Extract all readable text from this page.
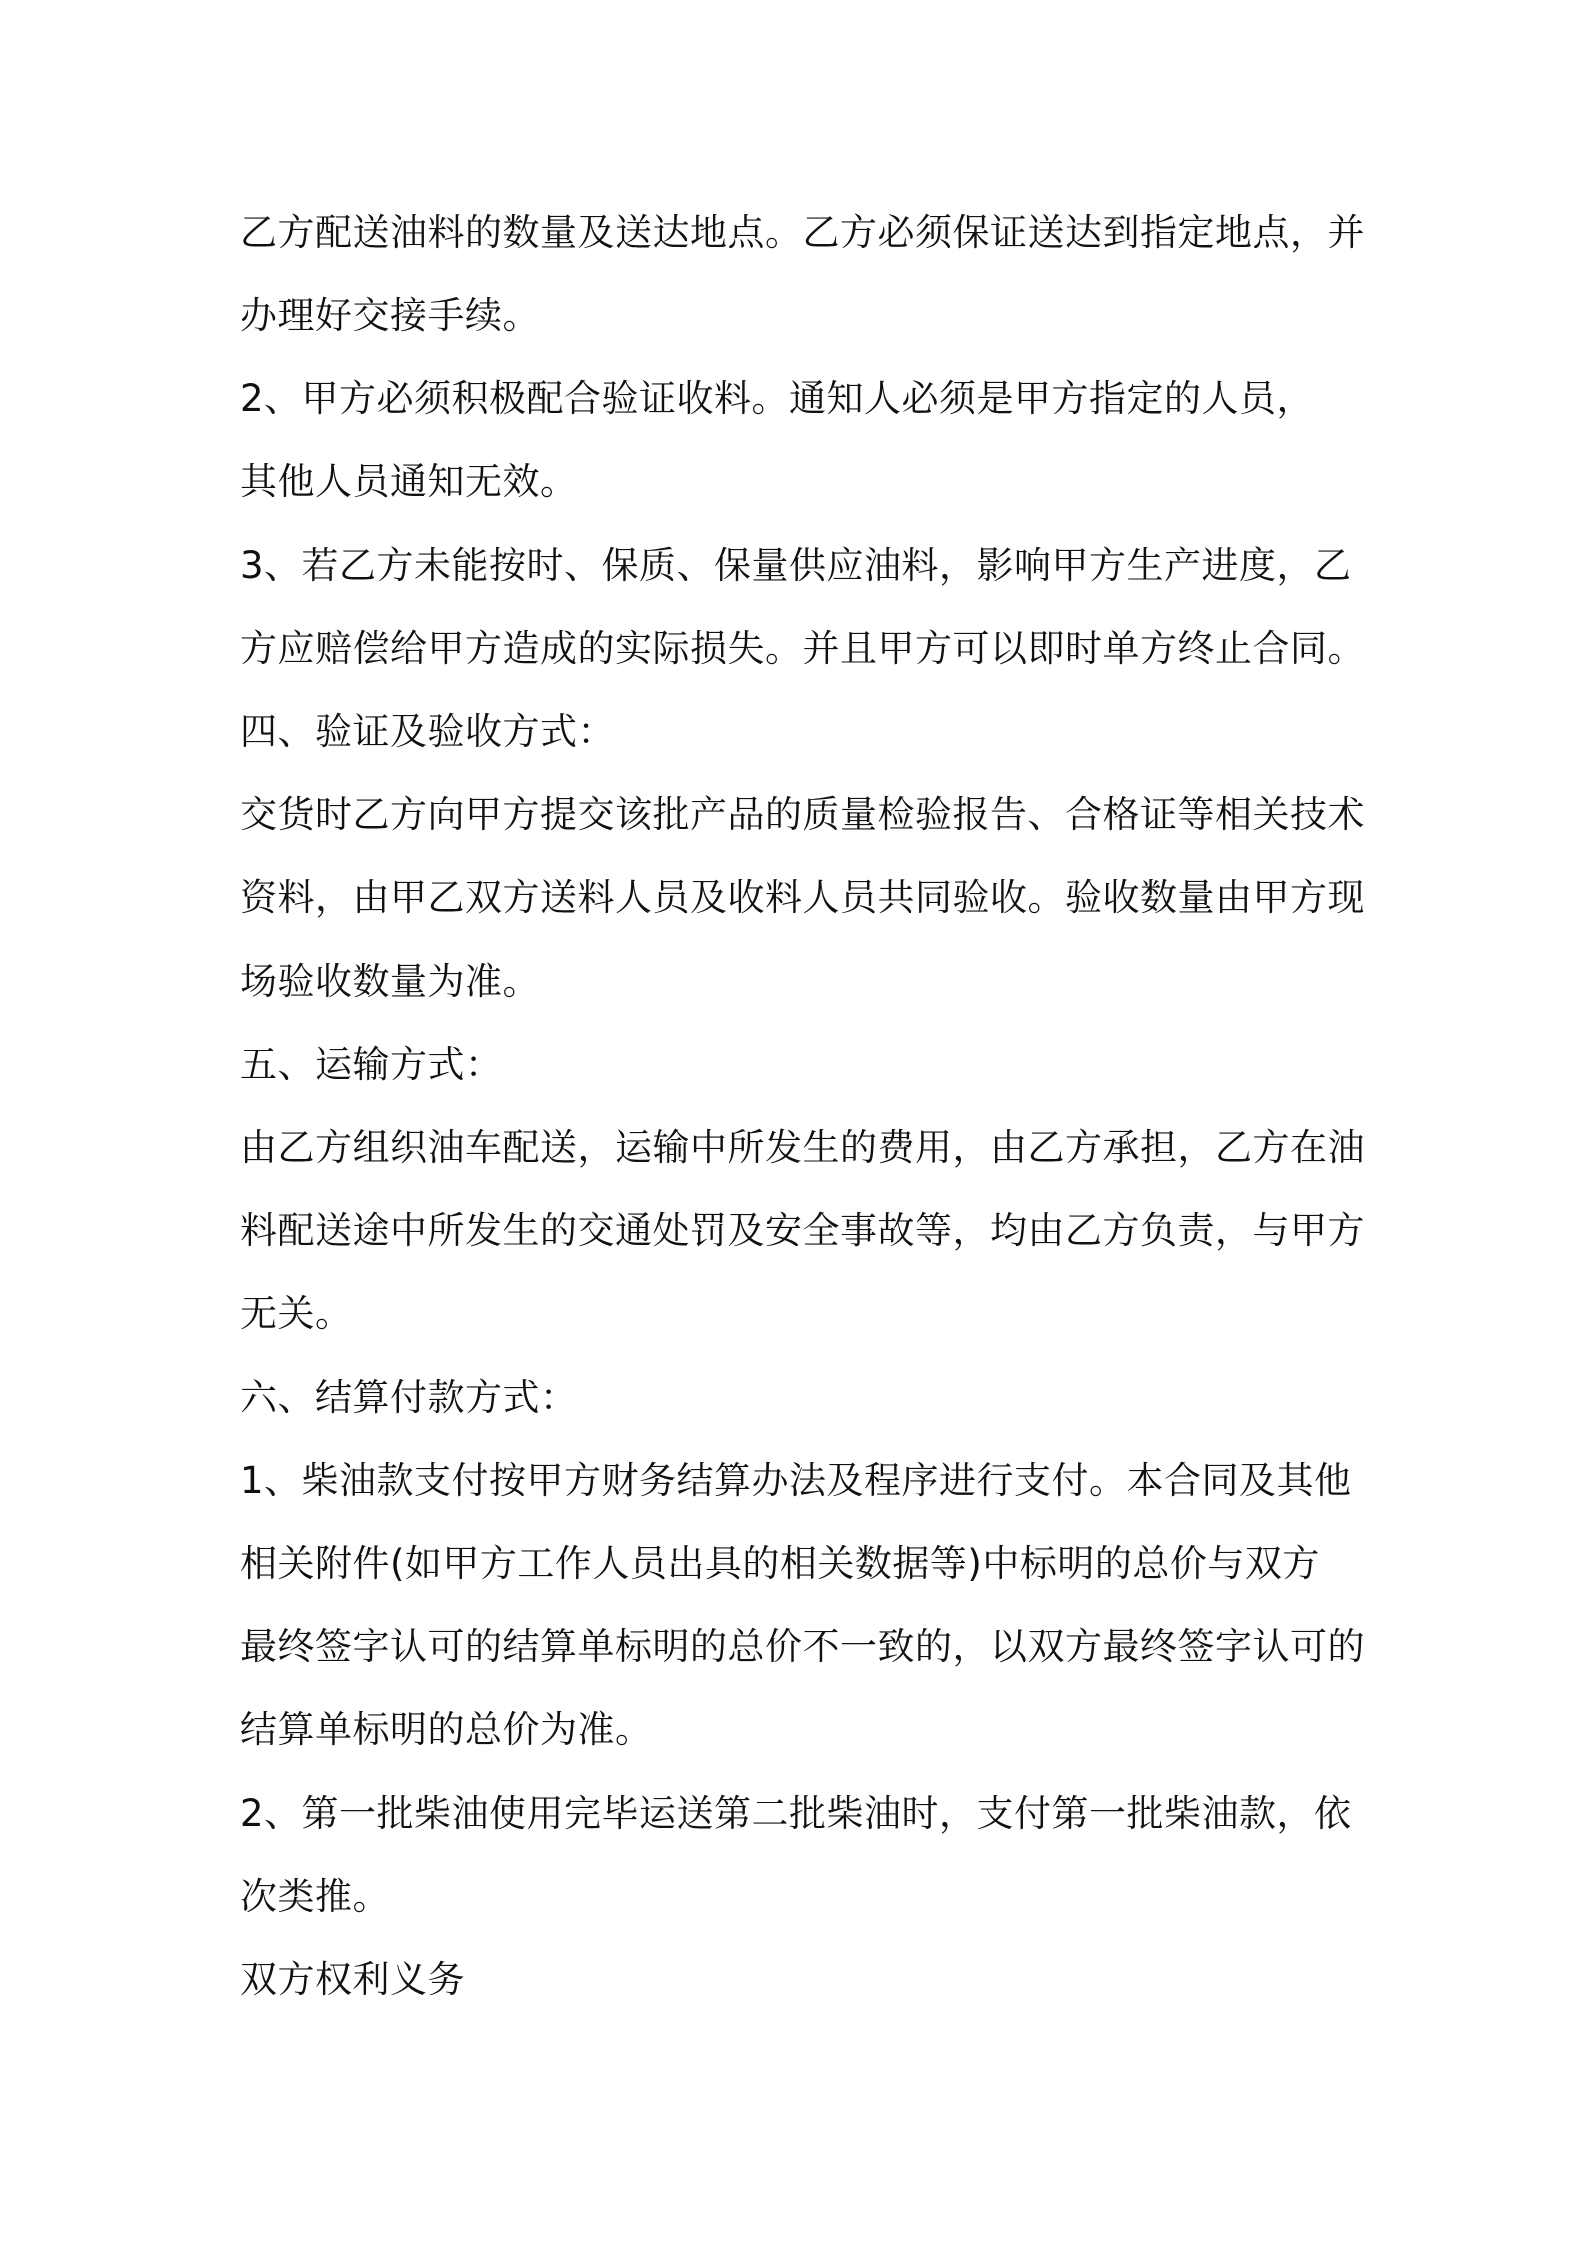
乙方配送油料的数量及送达地点。乙方必须保证送达到指定地点，并
办理好交接手续。
2、甲方必须积极配合验证收料。通知人必须是甲方指定的人员，
其他人员通知无效。
3、若乙方未能按时、保质、保量供应油料，影响甲方生产进度，乙
方应赔偿给甲方造成的实际损失。并且甲方可以即时单方终止合同。
四、验证及验收方式：
交货时乙方向甲方提交该批产品的质量检验报告、合格证等相关技术
资料，由甲乙双方送料人员及收料人员共同验收。验收数量由甲方现
场验收数量为准。
五、运输方式：
由乙方组织油车配送，运输中所发生的费用，由乙方承担，乙方在油
料配送途中所发生的交通处罚及安全事故等，均由乙方负责，与甲方
无关。
六、结算付款方式：
1、柴油款支付按甲方财务结算办法及程序进行支付。本合同及其他
相关附件(如甲方工作人员出具的相关数据等)中标明的总价与双方
最终签字认可的结算单标明的总价不一致的，以双方最终签字认可的
结算单标明的总价为准。
2、第一批柴油使用完毕运送第二批柴油时，支付第一批柴油款，依
次类推。
双方权利义务
